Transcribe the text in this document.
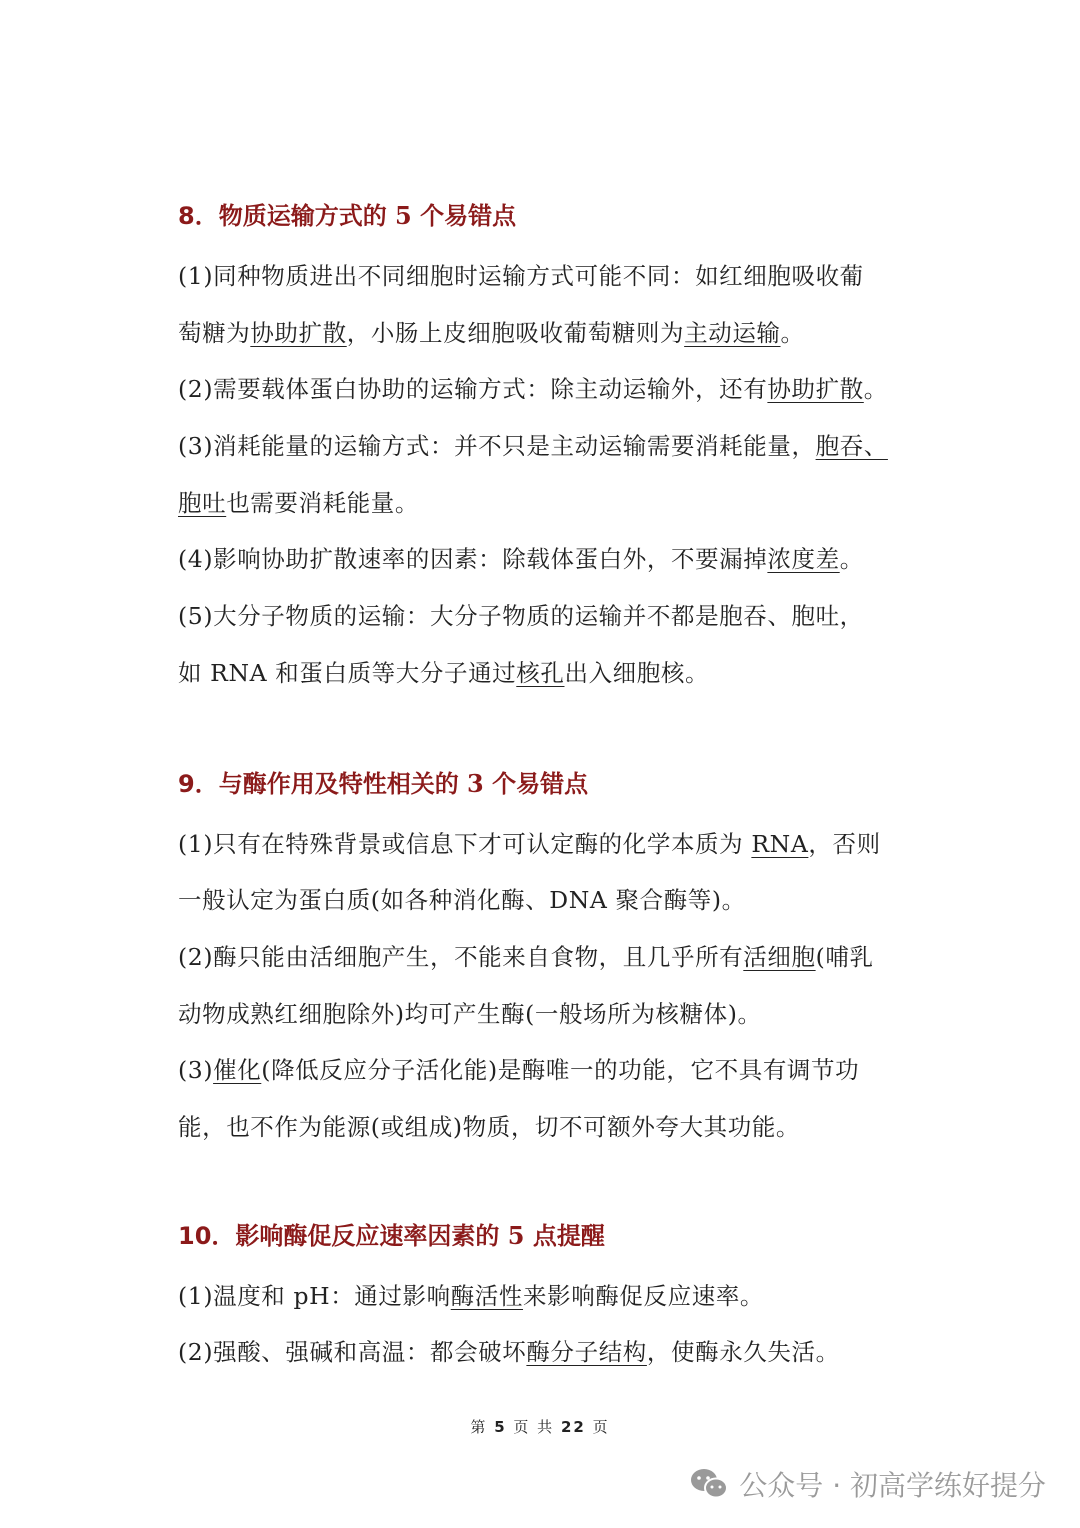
8．物质运输方式的 5 个易错点
(1)同种物质进出不同细胞时运输方式可能不同：如红细胞吸收葡
萄糖为协助扩散，小肠上皮细胞吸收葡萄糖则为主动运输。
(2)需要载体蛋白协助的运输方式：除主动运输外，还有协助扩散。
(3)消耗能量的运输方式：并不只是主动运输需要消耗能量，胞吞、
胞吐也需要消耗能量。
(4)影响协助扩散速率的因素：除载体蛋白外，不要漏掉浓度差。
(5)大分子物质的运输：大分子物质的运输并不都是胞吞、胞吐，
如 RNA 和蛋白质等大分子通过核孔出入细胞核。
9．与酶作用及特性相关的 3 个易错点
(1)只有在特殊背景或信息下才可认定酶的化学本质为 RNA，否则
一般认定为蛋白质(如各种消化酶、DNA 聚合酶等)。
(2)酶只能由活细胞产生，不能来自食物，且几乎所有活细胞(哺乳
动物成熟红细胞除外)均可产生酶(一般场所为核糖体)。
(3)催化(降低反应分子活化能)是酶唯一的功能，它不具有调节功
能，也不作为能源(或组成)物质，切不可额外夸大其功能。
10．影响酶促反应速率因素的 5 点提醒
(1)温度和 pH：通过影响酶活性来影响酶促反应速率。
(2)强酸、强碱和高温：都会破坏酶分子结构，使酶永久失活。
第 5 页 共 22 页
公众号 · 初高学练好提分
